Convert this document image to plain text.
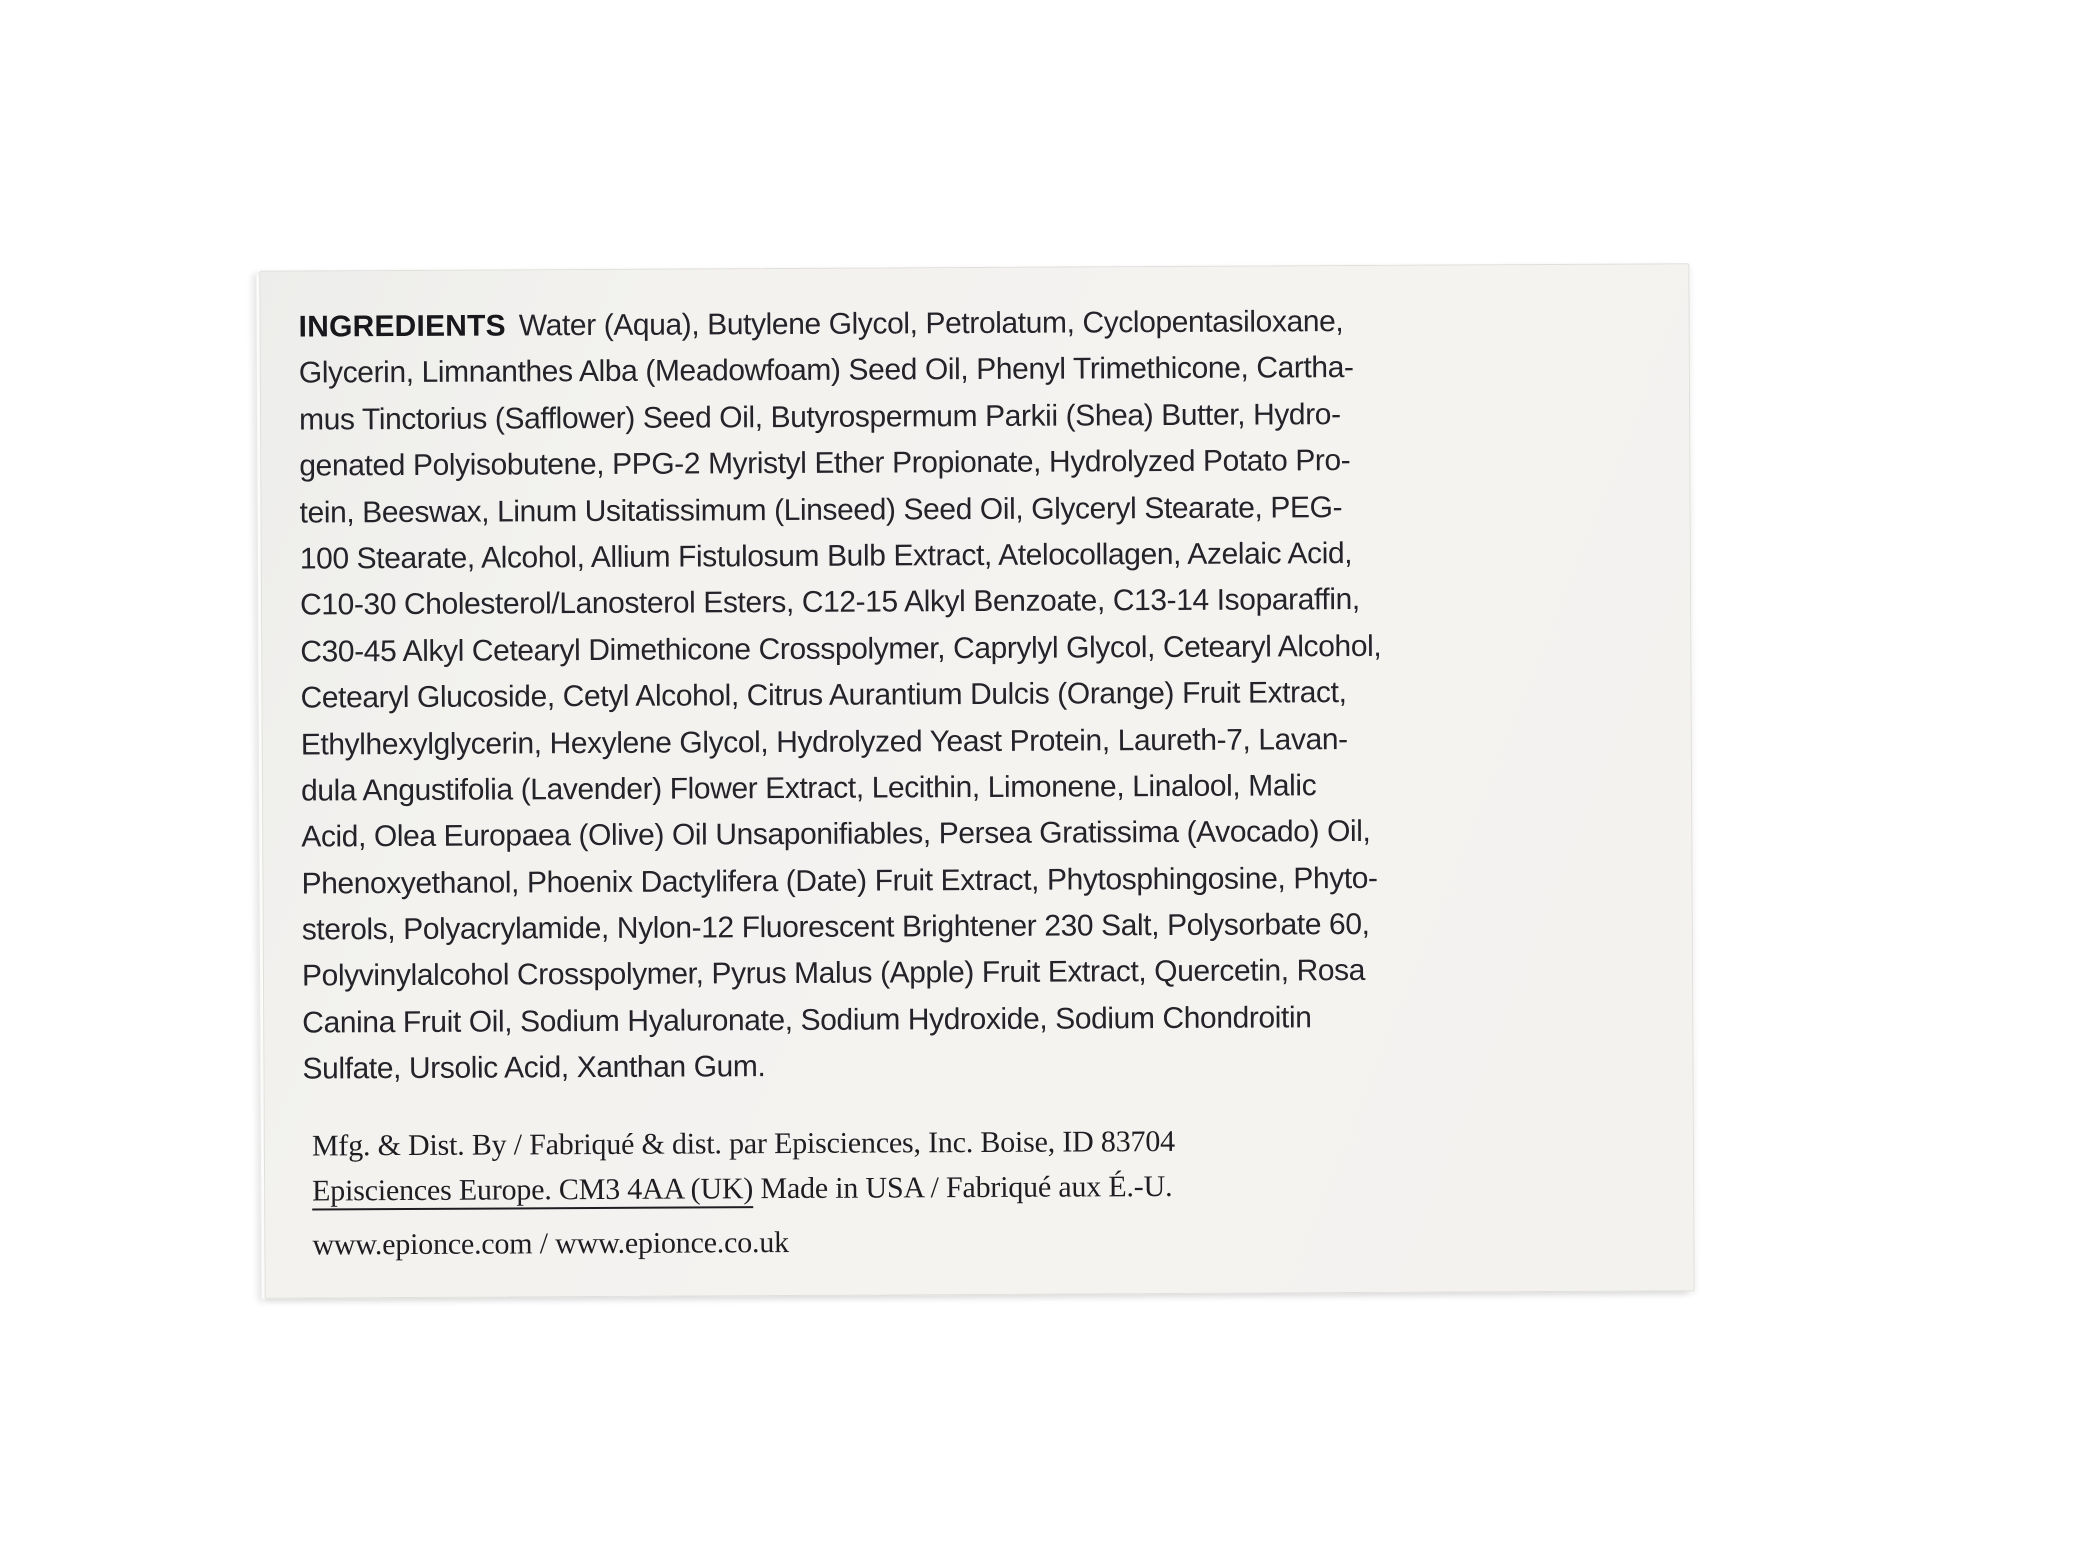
INGREDIENTS Water (Aqua), Butylene Glycol, Petrolatum, Cyclopentasiloxane,
Glycerin, Limnanthes Alba (Meadowfoam) Seed Oil, Phenyl Trimethicone, Cartha-
mus Tinctorius (Safflower) Seed Oil, Butyrospermum Parkii (Shea) Butter, Hydro-
genated Polyisobutene, PPG-2 Myristyl Ether Propionate, Hydrolyzed Potato Pro-
tein, Beeswax, Linum Usitatissimum (Linseed) Seed Oil, Glyceryl Stearate, PEG-
100 Stearate, Alcohol, Allium Fistulosum Bulb Extract, Atelocollagen, Azelaic Acid,
C10-30 Cholesterol/Lanosterol Esters, C12-15 Alkyl Benzoate, C13-14 Isoparaffin,
C30-45 Alkyl Cetearyl Dimethicone Crosspolymer, Caprylyl Glycol, Cetearyl Alcohol,
Cetearyl Glucoside, Cetyl Alcohol, Citrus Aurantium Dulcis (Orange) Fruit Extract,
Ethylhexylglycerin, Hexylene Glycol, Hydrolyzed Yeast Protein, Laureth-7, Lavan-
dula Angustifolia (Lavender) Flower Extract, Lecithin, Limonene, Linalool, Malic
Acid, Olea Europaea (Olive) Oil Unsaponifiables, Persea Gratissima (Avocado) Oil,
Phenoxyethanol, Phoenix Dactylifera (Date) Fruit Extract, Phytosphingosine, Phyto-
sterols, Polyacrylamide, Nylon-12 Fluorescent Brightener 230 Salt, Polysorbate 60,
Polyvinylalcohol Crosspolymer, Pyrus Malus (Apple) Fruit Extract, Quercetin, Rosa
Canina Fruit Oil, Sodium Hyaluronate, Sodium Hydroxide, Sodium Chondroitin
Sulfate, Ursolic Acid, Xanthan Gum.
Mfg. & Dist. By / Fabriqué & dist. par Episciences, Inc. Boise, ID 83704
Episciences Europe. CM3 4AA (UK) Made in USA / Fabriqué aux É.-U.
www.epionce.com / www.epionce.co.uk
